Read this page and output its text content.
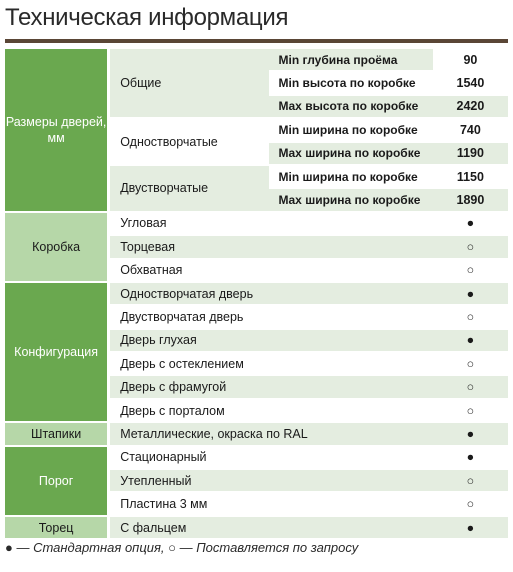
Техническая информация
Размеры дверей, мм		Общие	Min глубина проёма	90
			Min высота по коробке	1540
			Max высота по коробке	2420
		Одностворчатые	Min ширина по коробке	740
			Max ширина по коробке	1190
		Двустворчатые	Min ширина по коробке	1150
			Max ширина по коробке	1890
Коробка		Угловая		●
		Торцевая		○
		Обхватная		○
Конфигурация		Одностворчатая дверь		●
		Двустворчатая дверь		○
		Дверь глухая		●
		Дверь с остеклением		○
		Дверь с фрамугой		○
		Дверь с порталом		○
Штапики		Металлические, окраска по RAL		●
Порог		Стационарный		●
		Утепленный		○
		Пластина 3 мм		○
Торец		С фальцем		●
● — Стандартная опция, ○ — Поставляется по запросу
